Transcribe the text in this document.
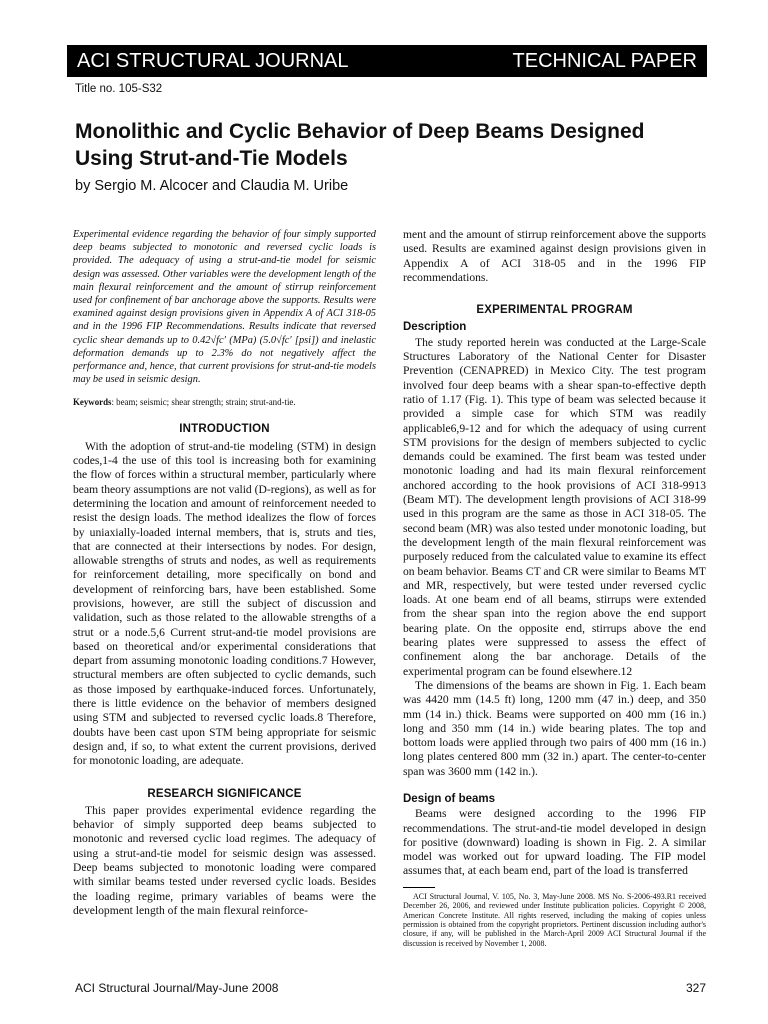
ACI STRUCTURAL JOURNAL	TECHNICAL PAPER
Title no. 105-S32
Monolithic and Cyclic Behavior of Deep Beams Designed Using Strut-and-Tie Models
by Sergio M. Alcocer and Claudia M. Uribe

Experimental evidence regarding the behavior of four simply supported deep beams subjected to monotonic and reversed cyclic loads is provided. The adequacy of using a strut-and-tie model for seismic design was assessed. Other variables were the development length of the main flexural reinforcement and the amount of stirrup reinforcement used for confinement of bar anchorage above the supports. Results were examined against design provisions given in Appendix A of ACI 318-05 and in the 1996 FIP Recommendations. Results indicate that reversed cyclic shear demands up to 0.42√fc′ (MPa) (5.0√fc′ [psi]) and inelastic deformation demands up to 2.3% do not negatively affect the performance and, hence, that current provisions for strut-and-tie models may be used in seismic design.

Keywords: beam; seismic; shear strength; strain; strut-and-tie.

INTRODUCTION

With the adoption of strut-and-tie modeling (STM) in design codes,1-4 the use of this tool is increasing both for examining the flow of forces within a structural member, particularly where beam theory assumptions are not valid (D-regions), as well as for determining the location and amount of reinforcement needed to resist the design loads. The method idealizes the flow of forces by uniaxially-loaded internal members, that is, struts and ties, that are connected at their intersections by nodes. For design, allowable strengths of struts and nodes, as well as requirements for reinforcement detailing, more specifically on bond and development of reinforcing bars, have been established. Some provisions, however, are still the subject of discussion and validation, such as those related to the allowable strengths of a strut or a node.5,6 Current strut-and-tie model provisions are based on theoretical and/or experimental considerations that depart from assuming monotonic loading conditions.7 However, structural members are often subjected to cyclic demands, such as those imposed by earthquake-induced forces. Unfortunately, there is little evidence on the behavior of members designed using STM and subjected to reversed cyclic loads.8 Therefore, doubts have been cast upon STM being appropriate for seismic design and, if so, to what extent the current provisions, derived for monotonic loading, are adequate.

RESEARCH SIGNIFICANCE

This paper provides experimental evidence regarding the behavior of simply supported deep beams subjected to monotonic and reversed cyclic load regimes. The adequacy of using a strut-and-tie model for seismic design was assessed. Deep beams subjected to monotonic loading were compared with similar beams tested under reversed cyclic loads. Besides the loading regime, primary variables of beams were the development length of the main flexural reinforce-

ment and the amount of stirrup reinforcement above the supports used. Results are examined against design provisions given in Appendix A of ACI 318-05 and in the 1996 FIP recommendations.

EXPERIMENTAL PROGRAM
Description

The study reported herein was conducted at the Large-Scale Structures Laboratory of the National Center for Disaster Prevention (CENAPRED) in Mexico City. The test program involved four deep beams with a shear span-to-effective depth ratio of 1.17 (Fig. 1). This type of beam was selected because it provided a simple case for which STM was readily applicable6,9-12 and for which the adequacy of using current STM provisions for the design of members subjected to cyclic demands could be examined. The first beam was tested under monotonic loading and had its main flexural reinforcement anchored according to the hook provisions of ACI 318-9913 (Beam MT). The development length provisions of ACI 318-99 used in this program are the same as those in ACI 318-05. The second beam (MR) was also tested under monotonic loading, but the development length of the main flexural reinforcement was purposely reduced from the calculated value to examine its effect on beam behavior. Beams CT and CR were similar to Beams MT and MR, respectively, but were tested under reversed cyclic loads. At one beam end of all beams, stirrups were extended from the shear span into the region above the end support bearing plate. On the opposite end, stirrups above the end bearing plates were suppressed to assess the effect of confinement along the bar anchorage. Details of the experimental program can be found elsewhere.12

The dimensions of the beams are shown in Fig. 1. Each beam was 4420 mm (14.5 ft) long, 1200 mm (47 in.) deep, and 350 mm (14 in.) thick. Beams were supported on 400 mm (16 in.) long and 350 mm (14 in.) wide bearing plates. The top and bottom loads were applied through two pairs of 400 mm (16 in.) long plates centered 800 mm (32 in.) apart. The center-to-center span was 3600 mm (142 in.).

Design of beams

Beams were designed according to the 1996 FIP recommendations. The strut-and-tie model developed in design for positive (downward) loading is shown in Fig. 2. A similar model was worked out for upward loading. The FIP model assumes that, at each beam end, part of the load is transferred

ACI Structural Journal, V. 105, No. 3, May-June 2008. MS No. S-2006-493.R1 received December 26, 2006, and reviewed under Institute publication policies. Copyright © 2008, American Concrete Institute. All rights reserved, including the making of copies unless permission is obtained from the copyright proprietors. Pertinent discussion including author's closure, if any, will be published in the March-April 2009 ACI Structural Journal if the discussion is received by November 1, 2008.

ACI Structural Journal/May-June 2008	327
